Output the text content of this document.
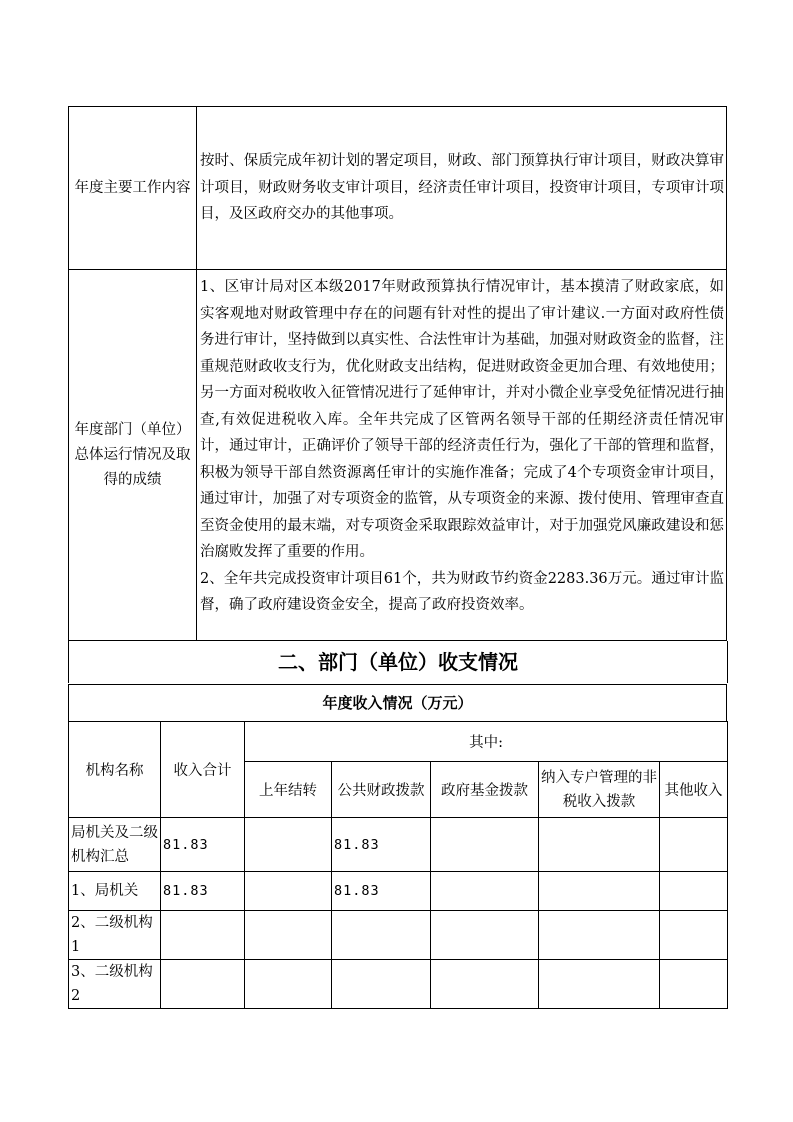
年度主要工作内容	按时、保质完成年初计划的署定项目，财政、部门预算执行审计项目，财政决算审计项目，财政财务收支审计项目，经济责任审计项目，投资审计项目，专项审计项目，及区政府交办的其他事项。
年度部门（单位）总体运行情况及取得的成绩	1、区审计局对区本级2017年财政预算执行情况审计，基本摸清了财政家底，如实客观地对财政管理中存在的问题有针对性的提出了审计建议.一方面对政府性债务进行审计，坚持做到以真实性、合法性审计为基础，加强对财政资金的监督，注重规范财政收支行为，优化财政支出结构，促进财政资金更加合理、有效地使用；另一方面对税收收入征管情况进行了延伸审计，并对小微企业享受免征情况进行抽查,有效促进税收入库。全年共完成了区管两名领导干部的任期经济责任情况审计，通过审计，正确评价了领导干部的经济责任行为，强化了干部的管理和监督，积极为领导干部自然资源离任审计的实施作准备；完成了4个专项资金审计项目，通过审计，加强了对专项资金的监管，从专项资金的来源、拨付使用、管理审查直至资金使用的最末端，对专项资金采取跟踪效益审计，对于加强党风廉政建设和惩治腐败发挥了重要的作用。
2、全年共完成投资审计项目61个，共为财政节约资金2283.36万元。通过审计监督，确了政府建设资金安全，提高了政府投资效率。
二、部门（单位）收支情况
年度收入情况（万元）
机构名称	收入合计	其中:				
		上年结转	公共财政拨款	政府基金拨款	纳入专户管理的非税收入拨款	其他收入
局机关及二级机构汇总	81.83		81.83			
1、局机关	81.83		81.83			
2、二级机构1						
3、二级机构2						
